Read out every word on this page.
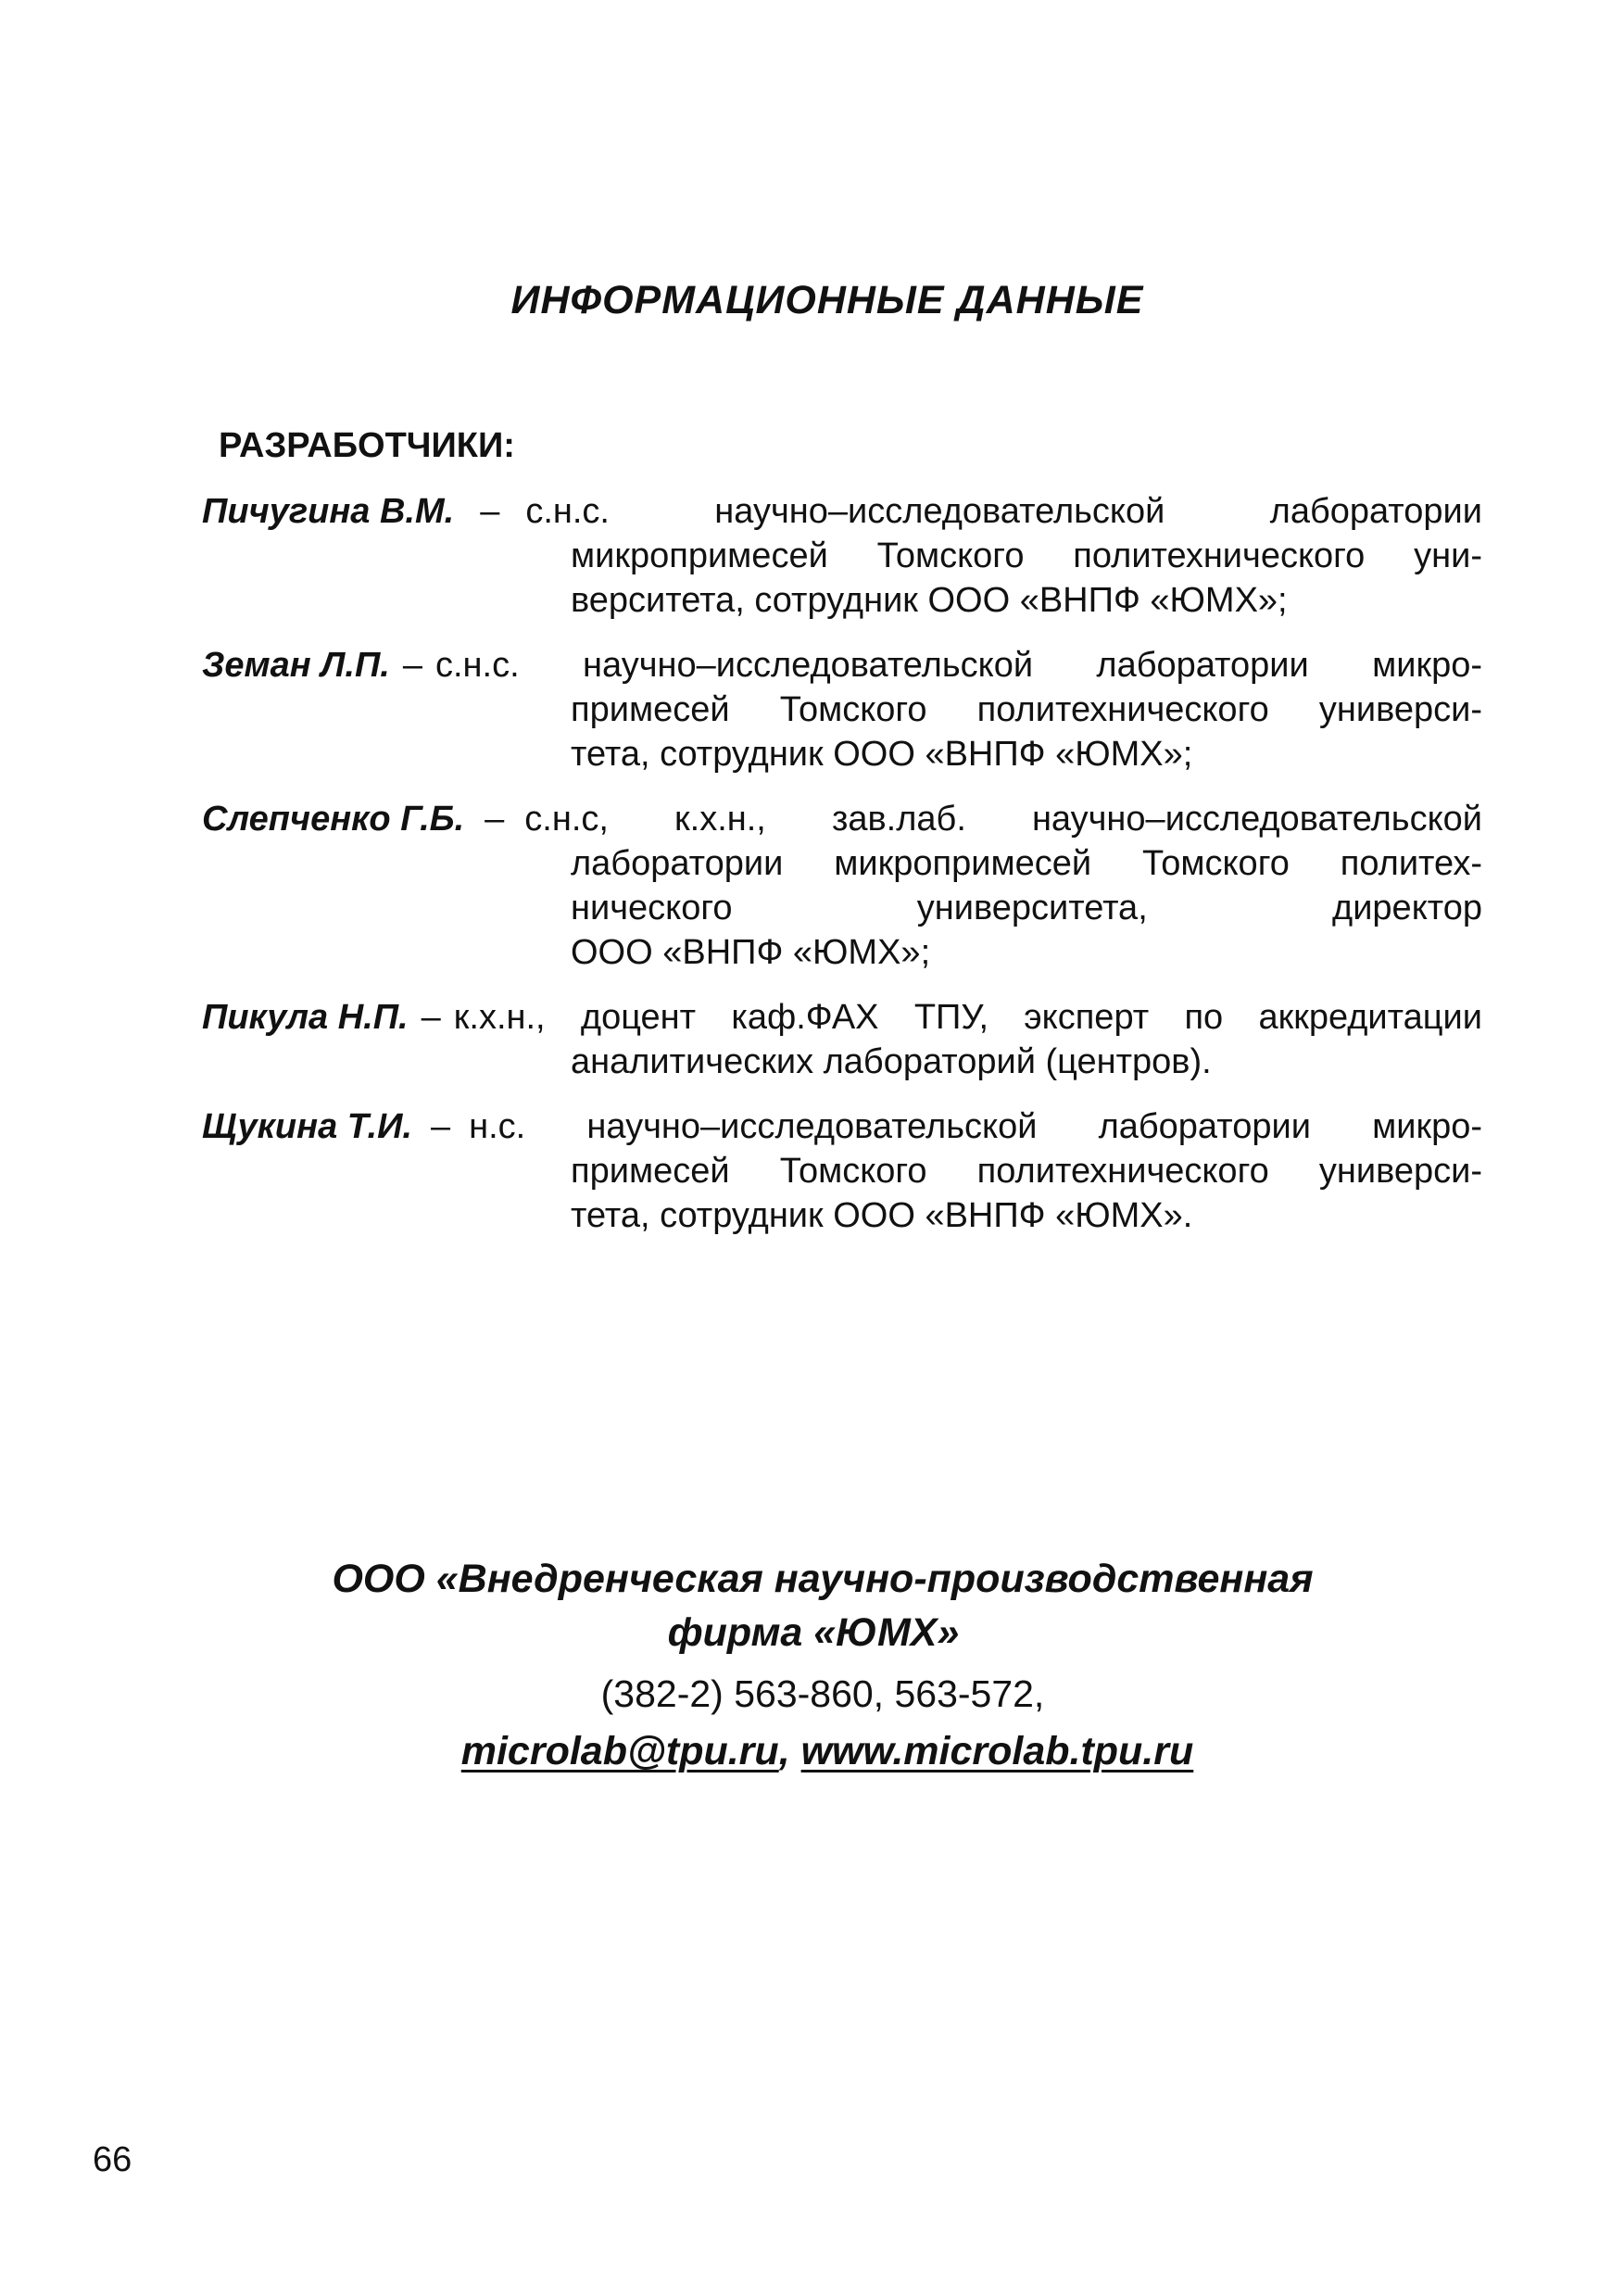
ИНФОРМАЦИОННЫЕ ДАННЫЕ
РАЗРАБОТЧИКИ:
Пичугина В.М. – с.н.с. научно–исследовательской лаборатории
микропримесей Томского политехнического уни-
верситета, сотрудник ООО «ВНПФ «ЮМХ»;
Земан Л.П. – с.н.с. научно–исследовательской лаборатории микро-
примесей Томского политехнического универси-
тета, сотрудник ООО «ВНПФ «ЮМХ»;
Слепченко Г.Б. – с.н.с, к.х.н., зав.лаб. научно–исследовательской
лаборатории микропримесей Томского политех-
нического университета, директор
ООО «ВНПФ «ЮМХ»;
Пикула Н.П. – к.х.н., доцент каф.ФАХ ТПУ, эксперт по аккредитации
аналитических лабораторий (центров).
Щукина Т.И. – н.с. научно–исследовательской лаборатории микро-
примесей Томского политехнического универси-
тета, сотрудник ООО «ВНПФ «ЮМХ».
ООО «Внедренческая научно-производственная
фирма «ЮМХ»
(382-2) 563-860, 563-572,
microlab@tpu.ru, www.microlab.tpu.ru
66
